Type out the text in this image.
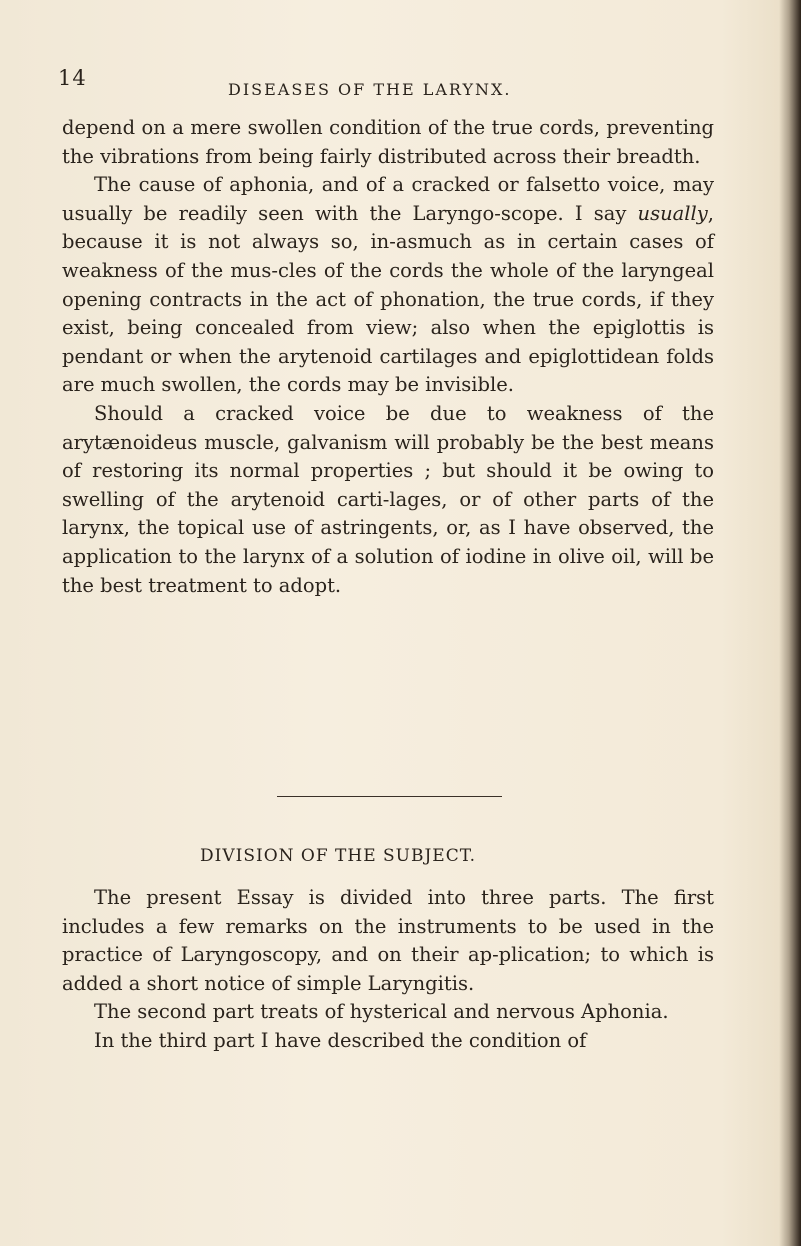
14	DISEASES OF THE LARYNX.

depend on a mere swollen condition of the true cords, preventing the vibrations from being fairly distributed across their breadth.

The cause of aphonia, and of a cracked or falsetto voice, may usually be readily seen with the Laryngo-scope. I say usually, because it is not always so, in-asmuch as in certain cases of weakness of the mus-cles of the cords the whole of the laryngeal opening contracts in the act of phonation, the true cords, if they exist, being concealed from view; also when the epiglottis is pendant or when the arytenoid cartilages and epiglottidean folds are much swollen, the cords may be invisible.

Should a cracked voice be due to weakness of the arytænoideus muscle, galvanism will probably be the best means of restoring its normal properties ; but should it be owing to swelling of the arytenoid carti-lages, or of other parts of the larynx, the topical use of astringents, or, as I have observed, the application to the larynx of a solution of iodine in olive oil, will be the best treatment to adopt.

DIVISION OF THE SUBJECT.

The present Essay is divided into three parts. The first includes a few remarks on the instruments to be used in the practice of Laryngoscopy, and on their ap-plication; to which is added a short notice of simple Laryngitis.

The second part treats of hysterical and nervous Aphonia.

In the third part I have described the condition of
